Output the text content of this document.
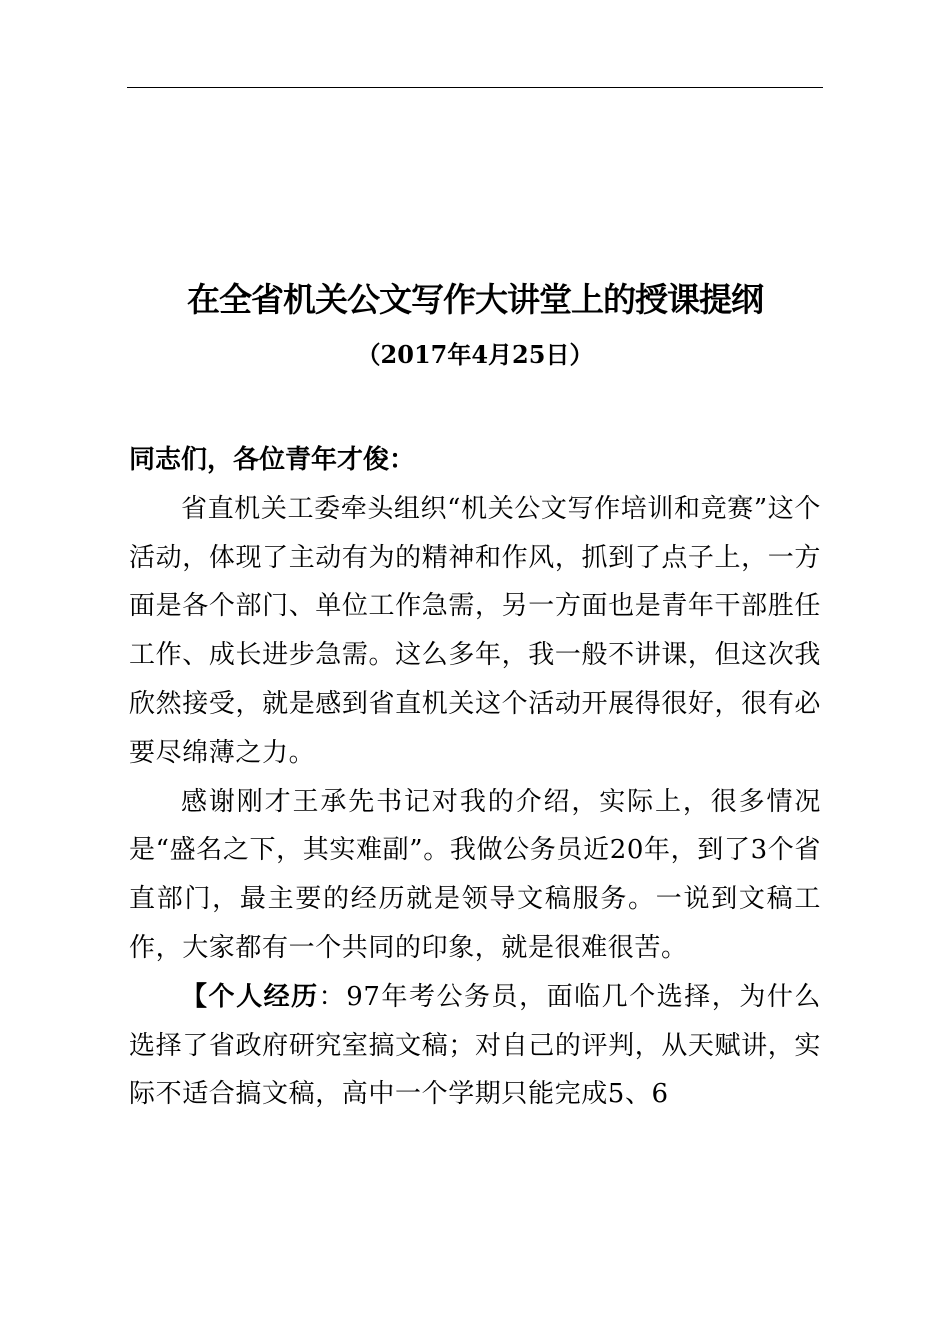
在全省机关公文写作大讲堂上的授课提纲
（2017年4月25日）

同志们，各位青年才俊：

省直机关工委牵头组织“机关公文写作培训和竞赛”这个活动，体现了主动有为的精神和作风，抓到了点子上，一方面是各个部门、单位工作急需，另一方面也是青年干部胜任工作、成长进步急需。这么多年，我一般不讲课，但这次我欣然接受，就是感到省直机关这个活动开展得很好，很有必要尽绵薄之力。

感谢刚才王承先书记对我的介绍，实际上，很多情况是“盛名之下，其实难副”。我做公务员近20年，到了3个省直部门，最主要的经历就是领导文稿服务。一说到文稿工作，大家都有一个共同的印象，就是很难很苦。

【个人经历：97年考公务员，面临几个选择，为什么选择了省政府研究室搞文稿；对自己的评判，从天赋讲，实际不适合搞文稿，高中一个学期只能完成5、6
